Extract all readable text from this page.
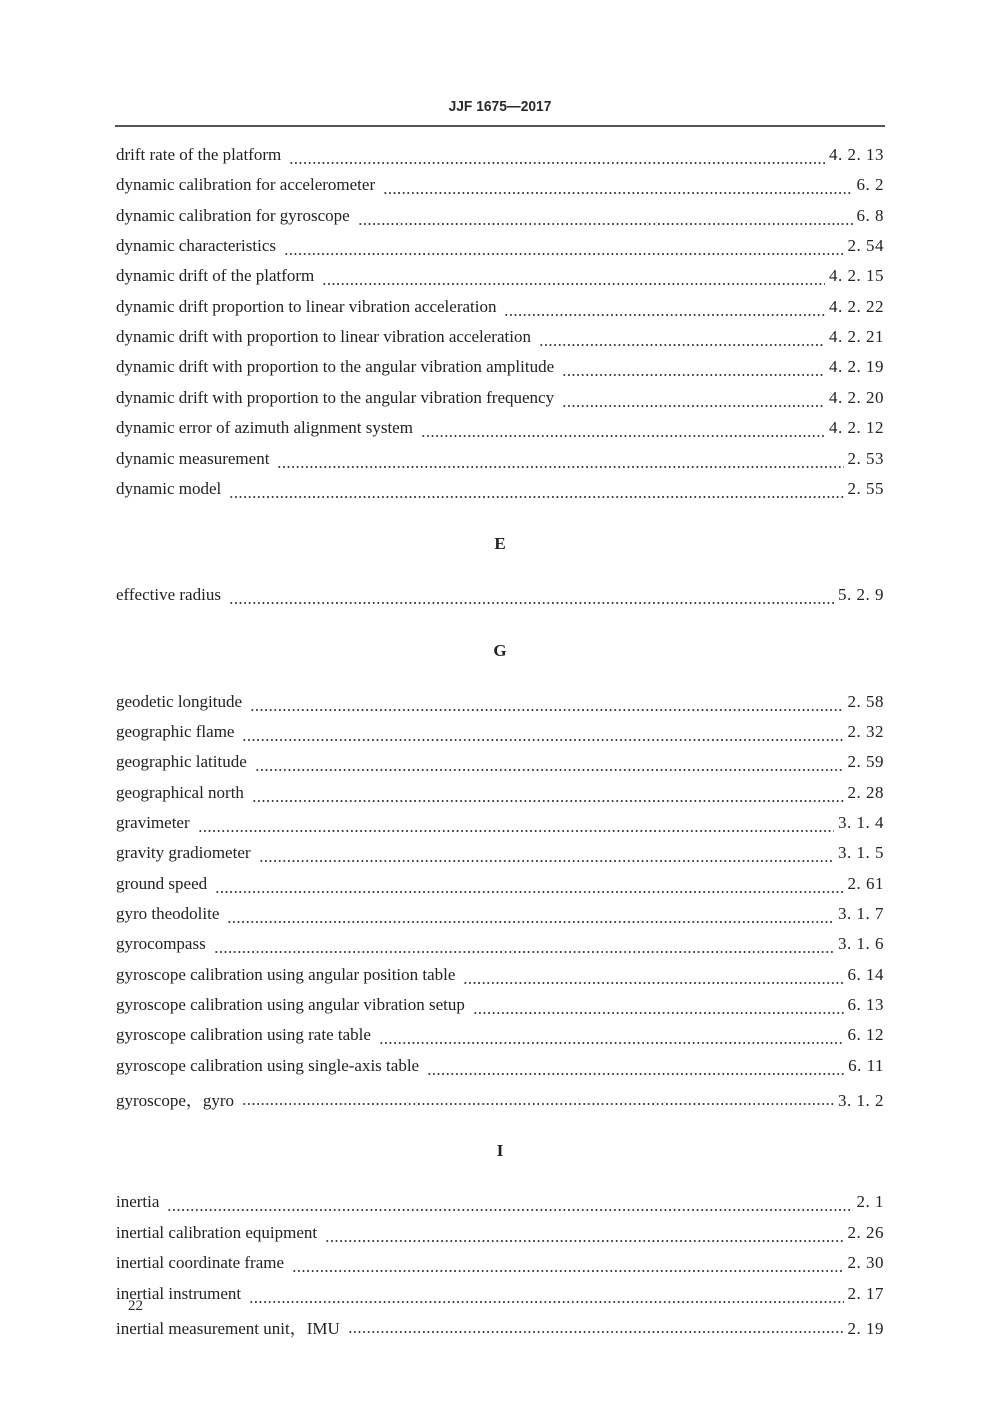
JJF 1675—2017
drift rate of the platform	4. 2. 13
dynamic calibration for accelerometer	6. 2
dynamic calibration for gyroscope	6. 8
dynamic characteristics	2. 54
dynamic drift of the platform	4. 2. 15
dynamic drift proportion to linear vibration acceleration	4. 2. 22
dynamic drift with proportion to linear vibration acceleration	4. 2. 21
dynamic drift with proportion to the angular vibration amplitude	4. 2. 19
dynamic drift with proportion to the angular vibration frequency	4. 2. 20
dynamic error of azimuth alignment system	4. 2. 12
dynamic measurement	2. 53
dynamic model	2. 55
E
effective radius	5. 2. 9
G
geodetic longitude	2. 58
geographic flame	2. 32
geographic latitude	2. 59
geographical north	2. 28
gravimeter	3. 1. 4
gravity gradiometer	3. 1. 5
ground speed	2. 61
gyro theodolite	3. 1. 7
gyrocompass	3. 1. 6
gyroscope calibration using angular position table	6. 14
gyroscope calibration using angular vibration setup	6. 13
gyroscope calibration using rate table	6. 12
gyroscope calibration using single-axis table	6. 11
gyroscope，gyro	3. 1. 2
I
inertia	2. 1
inertial calibration equipment	2. 26
inertial coordinate frame	2. 30
inertial instrument	2. 17
inertial measurement unit，IMU	2. 19
22
